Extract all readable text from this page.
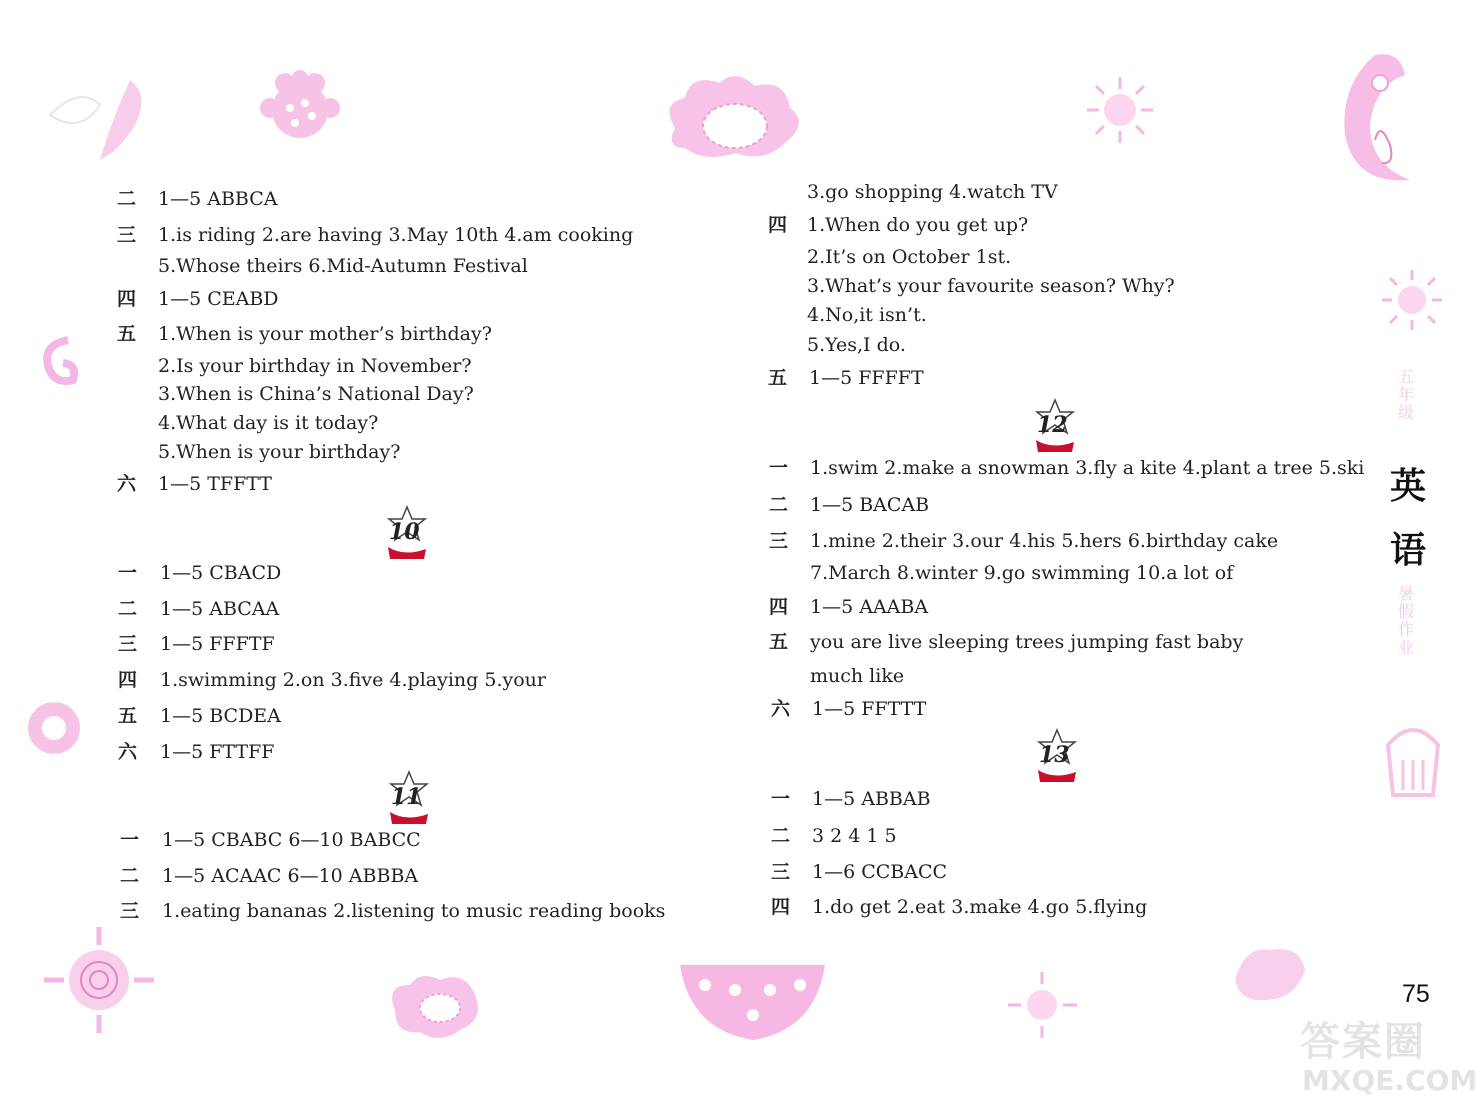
二 1—5 ABBCA
三 1.is riding 2.are having 3.May 10th 4.am cooking
5.Whose theirs 6.Mid-Autumn Festival
四 1—5 CEABD
五 1.When is your mother’s birthday?
2.Is your birthday in November?
3.When is China’s National Day?
4.What day is it today?
5.When is your birthday?
六 1—5 TFFTT
10
一 1—5 CBACD
二 1—5 ABCAA
三 1—5 FFFTF
四 1.swimming 2.on 3.five 4.playing 5.your
五 1—5 BCDEA
六 1—5 FTTFF
11
一 1—5 CBABC 6—10 BABCC
二 1—5 ACAAC 6—10 ABBBA
三 1.eating bananas 2.listening to music reading books
3.go shopping 4.watch TV
四 1.When do you get up?
2.It’s on October 1st.
3.What’s your favourite season? Why?
4.No,it isn’t.
5.Yes,I do.
五 1—5 FFFFT
12
一 1.swim 2.make a snowman 3.fly a kite 4.plant a tree 5.ski
二 1—5 BACAB
三 1.mine 2.their 3.our 4.his 5.hers 6.birthday cake
7.March 8.winter 9.go swimming 10.a lot of
四 1—5 AAABA
五 you are live sleeping trees jumping fast baby
much like
六 1—5 FFTTT
13
一 1—5 ABBAB
二 3 2 4 1 5
三 1—6 CCBACC
四 1.do get 2.eat 3.make 4.go 5.flying
五年级
英
语
暑假作业
75
答案圈
MXQE.COM
